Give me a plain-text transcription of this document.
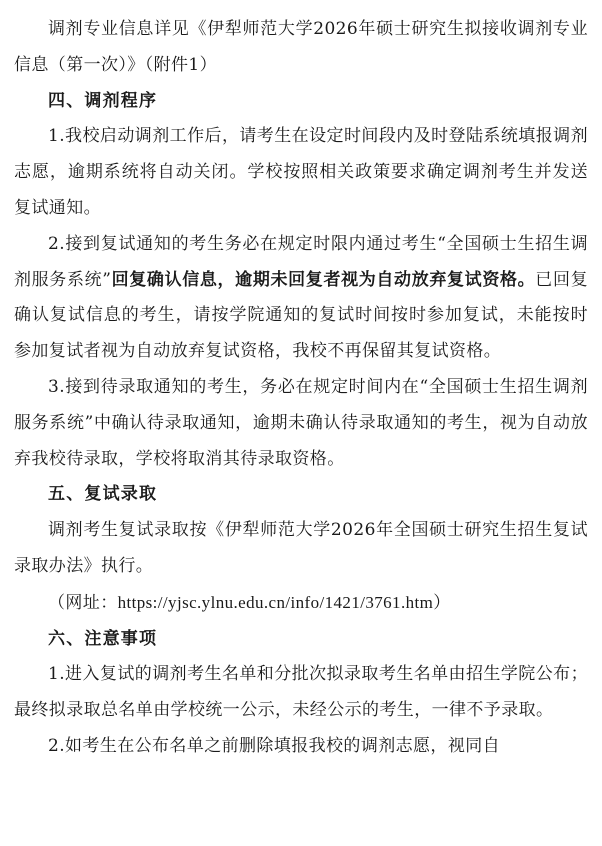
调剂专业信息详见《伊犁师范大学2026年硕士研究生拟接收调剂专业信息（第一次）》（附件1）

四、调剂程序

1.我校启动调剂工作后，请考生在设定时间段内及时登陆系统填报调剂志愿，逾期系统将自动关闭。学校按照相关政策要求确定调剂考生并发送复试通知。

2.接到复试通知的考生务必在规定时限内通过考生“全国硕士生招生调剂服务系统”回复确认信息，逾期未回复者视为自动放弃复试资格。已回复确认复试信息的考生，请按学院通知的复试时间按时参加复试，未能按时参加复试者视为自动放弃复试资格，我校不再保留其复试资格。

3.接到待录取通知的考生，务必在规定时间内在“全国硕士生招生调剂服务系统”中确认待录取通知，逾期未确认待录取通知的考生，视为自动放弃我校待录取，学校将取消其待录取资格。

五、复试录取

调剂考生复试录取按《伊犁师范大学2026年全国硕士研究生招生复试录取办法》执行。

（网址：https://yjsc.ylnu.edu.cn/info/1421/3761.htm）

六、注意事项

1.进入复试的调剂考生名单和分批次拟录取考生名单由招生学院公布；最终拟录取总名单由学校统一公示，未经公示的考生，一律不予录取。

2.如考生在公布名单之前删除填报我校的调剂志愿，视同自
